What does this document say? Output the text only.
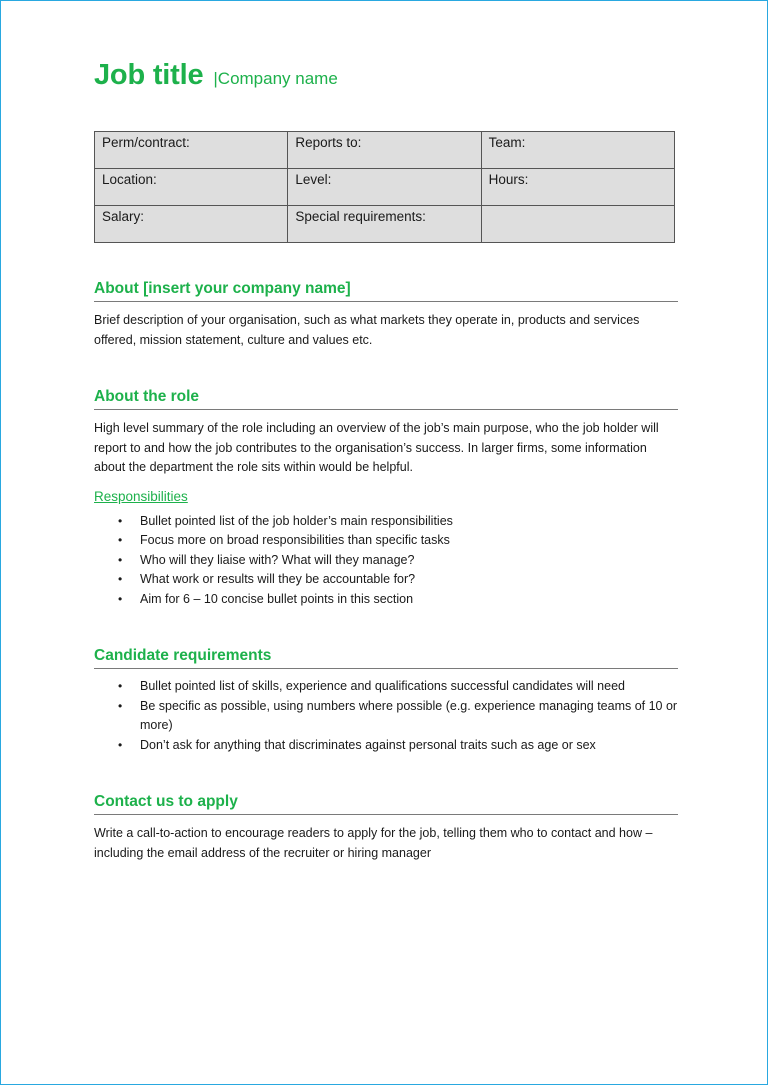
Job title |Company name
Perm/contract:	Reports to:	Team:
Location:	Level:	Hours:
Salary:	Special requirements:	
About [insert your company name]

Brief description of your organisation, such as what markets they operate in, products and services offered, mission statement, culture and values etc.

About the role

High level summary of the role including an overview of the job’s main purpose, who the job holder will report to and how the job contributes to the organisation’s success. In larger firms, some information about the department the role sits within would be helpful.

Responsibilities
• Bullet pointed list of the job holder’s main responsibilities
• Focus more on broad responsibilities than specific tasks
• Who will they liaise with? What will they manage?
• What work or results will they be accountable for?
• Aim for 6 – 10 concise bullet points in this section
Candidate requirements
• Bullet pointed list of skills, experience and qualifications successful candidates will need
• Be specific as possible, using numbers where possible (e.g. experience managing teams of 10 or more)
• Don’t ask for anything that discriminates against personal traits such as age or sex
Contact us to apply

Write a call-to-action to encourage readers to apply for the job, telling them who to contact and how – including the email address of the recruiter or hiring manager
